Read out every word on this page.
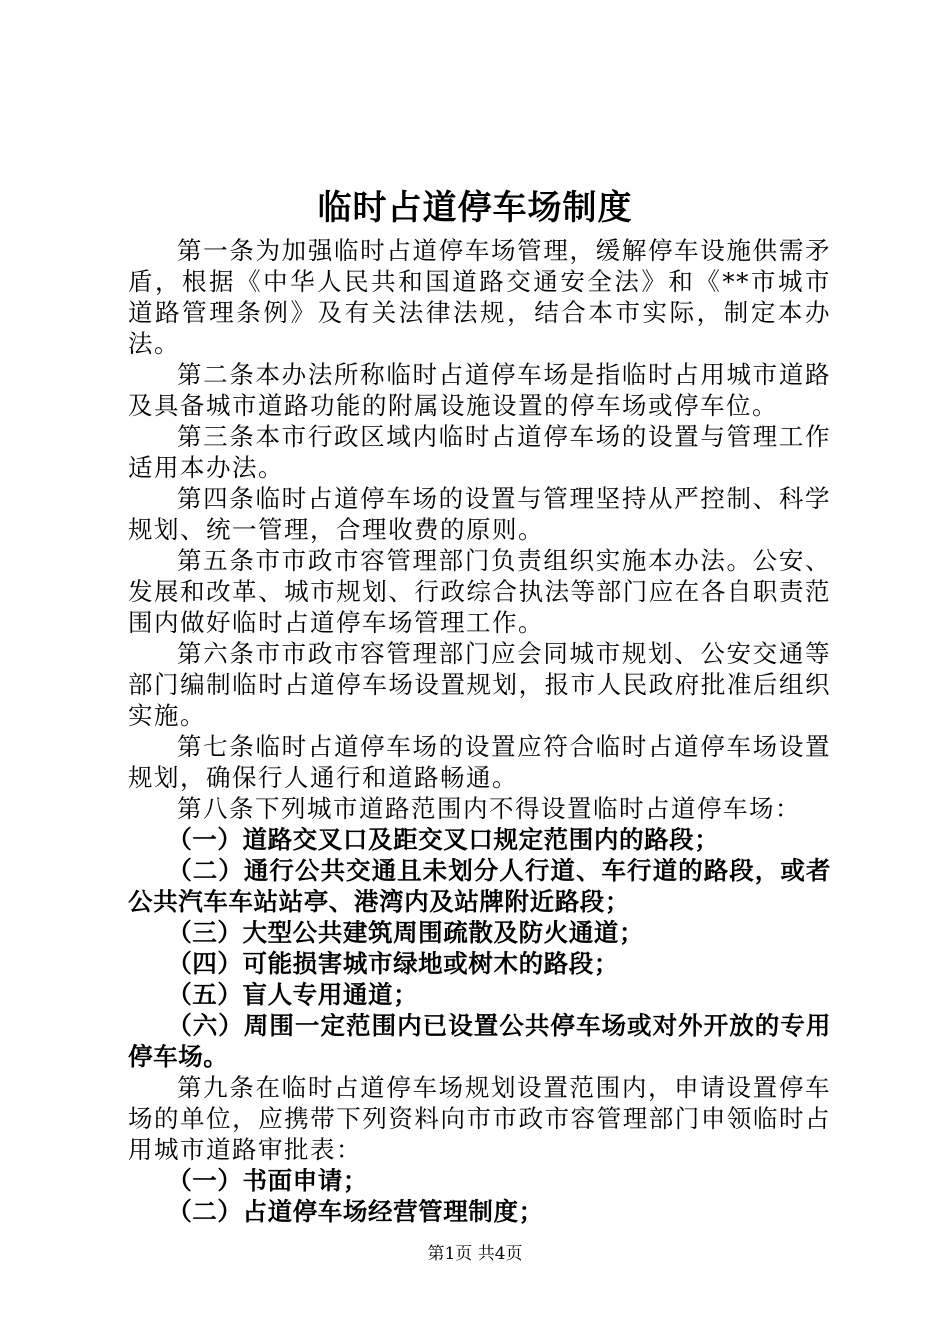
临时占道停车场制度

第一条为加强临时占道停车场管理，缓解停车设施供需矛盾，根据《中华人民共和国道路交通安全法》和《**市城市道路管理条例》及有关法律法规，结合本市实际，制定本办法。

第二条本办法所称临时占道停车场是指临时占用城市道路及具备城市道路功能的附属设施设置的停车场或停车位。

第三条本市行政区域内临时占道停车场的设置与管理工作适用本办法。

第四条临时占道停车场的设置与管理坚持从严控制、科学规划、统一管理，合理收费的原则。

第五条市市政市容管理部门负责组织实施本办法。公安、发展和改革、城市规划、行政综合执法等部门应在各自职责范围内做好临时占道停车场管理工作。

第六条市市政市容管理部门应会同城市规划、公安交通等部门编制临时占道停车场设置规划，报市人民政府批准后组织实施。

第七条临时占道停车场的设置应符合临时占道停车场设置规划，确保行人通行和道路畅通。

第八条下列城市道路范围内不得设置临时占道停车场：

（一）道路交叉口及距交叉口规定范围内的路段；

（二）通行公共交通且未划分人行道、车行道的路段，或者公共汽车车站站亭、港湾内及站牌附近路段；

（三）大型公共建筑周围疏散及防火通道；

（四）可能损害城市绿地或树木的路段；

（五）盲人专用通道；

（六）周围一定范围内已设置公共停车场或对外开放的专用停车场。

第九条在临时占道停车场规划设置范围内，申请设置停车场的单位，应携带下列资料向市市政市容管理部门申领临时占用城市道路审批表：

（一）书面申请；

（二）占道停车场经营管理制度；

第1页 共4页
